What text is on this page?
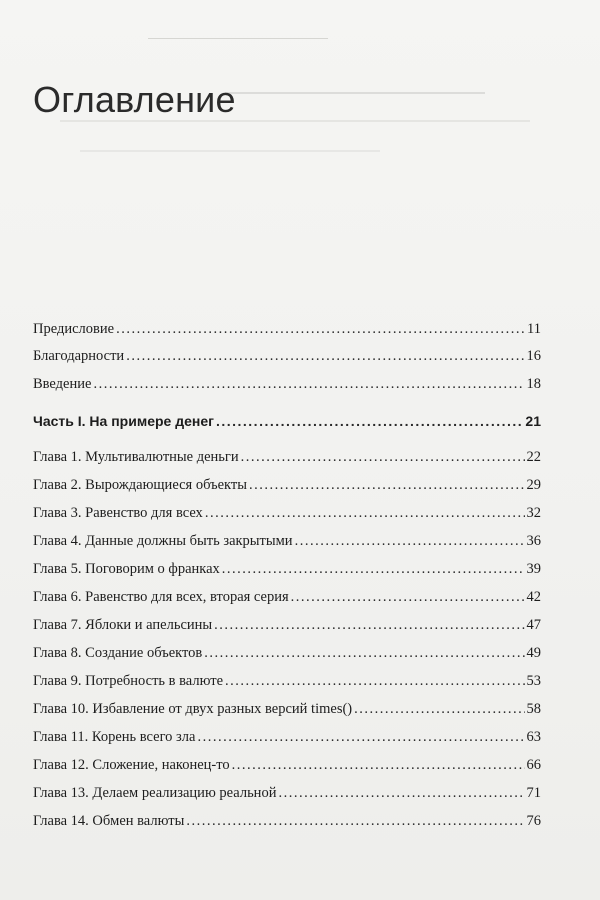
Оглавление
Предисловие .....	11
Благодарности .....	16
Введение .....	18
Часть I. На примере денег .....	21
Глава 1. Мультивалютные деньги .....	22
Глава 2. Вырождающиеся объекты .....	29
Глава 3. Равенство для всех .....	32
Глава 4. Данные должны быть закрытыми .....	36
Глава 5. Поговорим о франках .....	39
Глава 6. Равенство для всех, вторая серия .....	42
Глава 7. Яблоки и апельсины .....	47
Глава 8. Создание объектов .....	49
Глава 9. Потребность в валюте .....	53
Глава 10. Избавление от двух разных версий times() .....	58
Глава 11. Корень всего зла .....	63
Глава 12. Сложение, наконец-то .....	66
Глава 13. Делаем реализацию реальной .....	71
Глава 14. Обмен валюты .....	76
